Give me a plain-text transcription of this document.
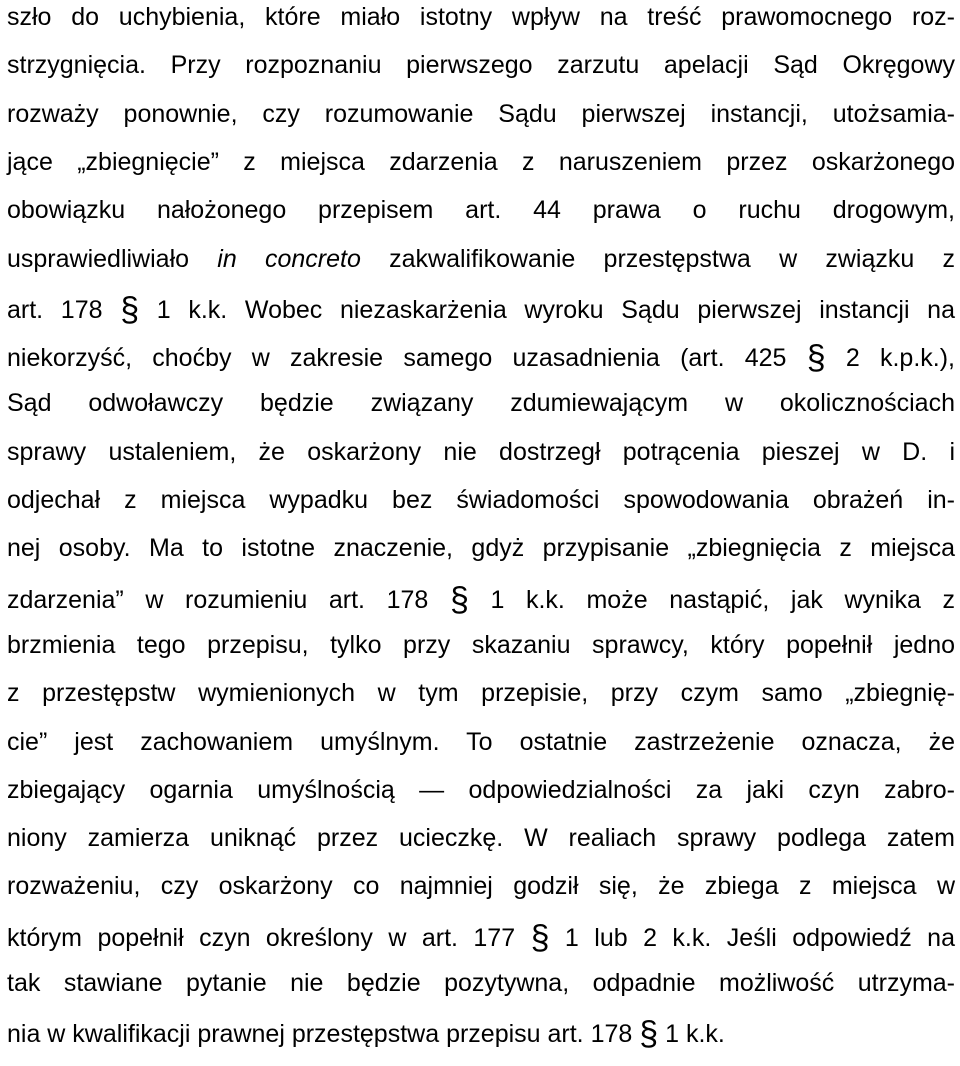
szło do uchybienia, które miało istotny wpływ na treść prawomocnego roz-
strzygnięcia. Przy rozpoznaniu pierwszego zarzutu apelacji Sąd Okręgowy
rozważy ponownie, czy rozumowanie Sądu pierwszej instancji, utożsamia-
jące „zbiegnięcie” z miejsca zdarzenia z naruszeniem przez oskarżonego
obowiązku nałożonego przepisem art. 44 prawa o ruchu drogowym,
usprawiedliwiało in concreto zakwalifikowanie przestępstwa w związku z
art. 178 § 1 k.k. Wobec niezaskarżenia wyroku Sądu pierwszej instancji na
niekorzyść, choćby w zakresie samego uzasadnienia (art. 425 § 2 k.p.k.),
Sąd odwoławczy będzie związany zdumiewającym w okolicznościach
sprawy ustaleniem, że oskarżony nie dostrzegł potrącenia pieszej w D. i
odjechał z miejsca wypadku bez świadomości spowodowania obrażeń in-
nej osoby. Ma to istotne znaczenie, gdyż przypisanie „zbiegnięcia z miejsca
zdarzenia” w rozumieniu art. 178 § 1 k.k. może nastąpić, jak wynika z
brzmienia tego przepisu, tylko przy skazaniu sprawcy, który popełnił jedno
z przestępstw wymienionych w tym przepisie, przy czym samo „zbiegnię-
cie” jest zachowaniem umyślnym. To ostatnie zastrzeżenie oznacza, że
zbiegający ogarnia umyślnością — odpowiedzialności za jaki czyn zabro-
niony zamierza uniknąć przez ucieczkę. W realiach sprawy podlega zatem
rozważeniu, czy oskarżony co najmniej godził się, że zbiega z miejsca w
którym popełnił czyn określony w art. 177 § 1 lub 2 k.k. Jeśli odpowiedź na
tak stawiane pytanie nie będzie pozytywna, odpadnie możliwość utrzyma-
nia w kwalifikacji prawnej przestępstwa przepisu art. 178 § 1 k.k.
